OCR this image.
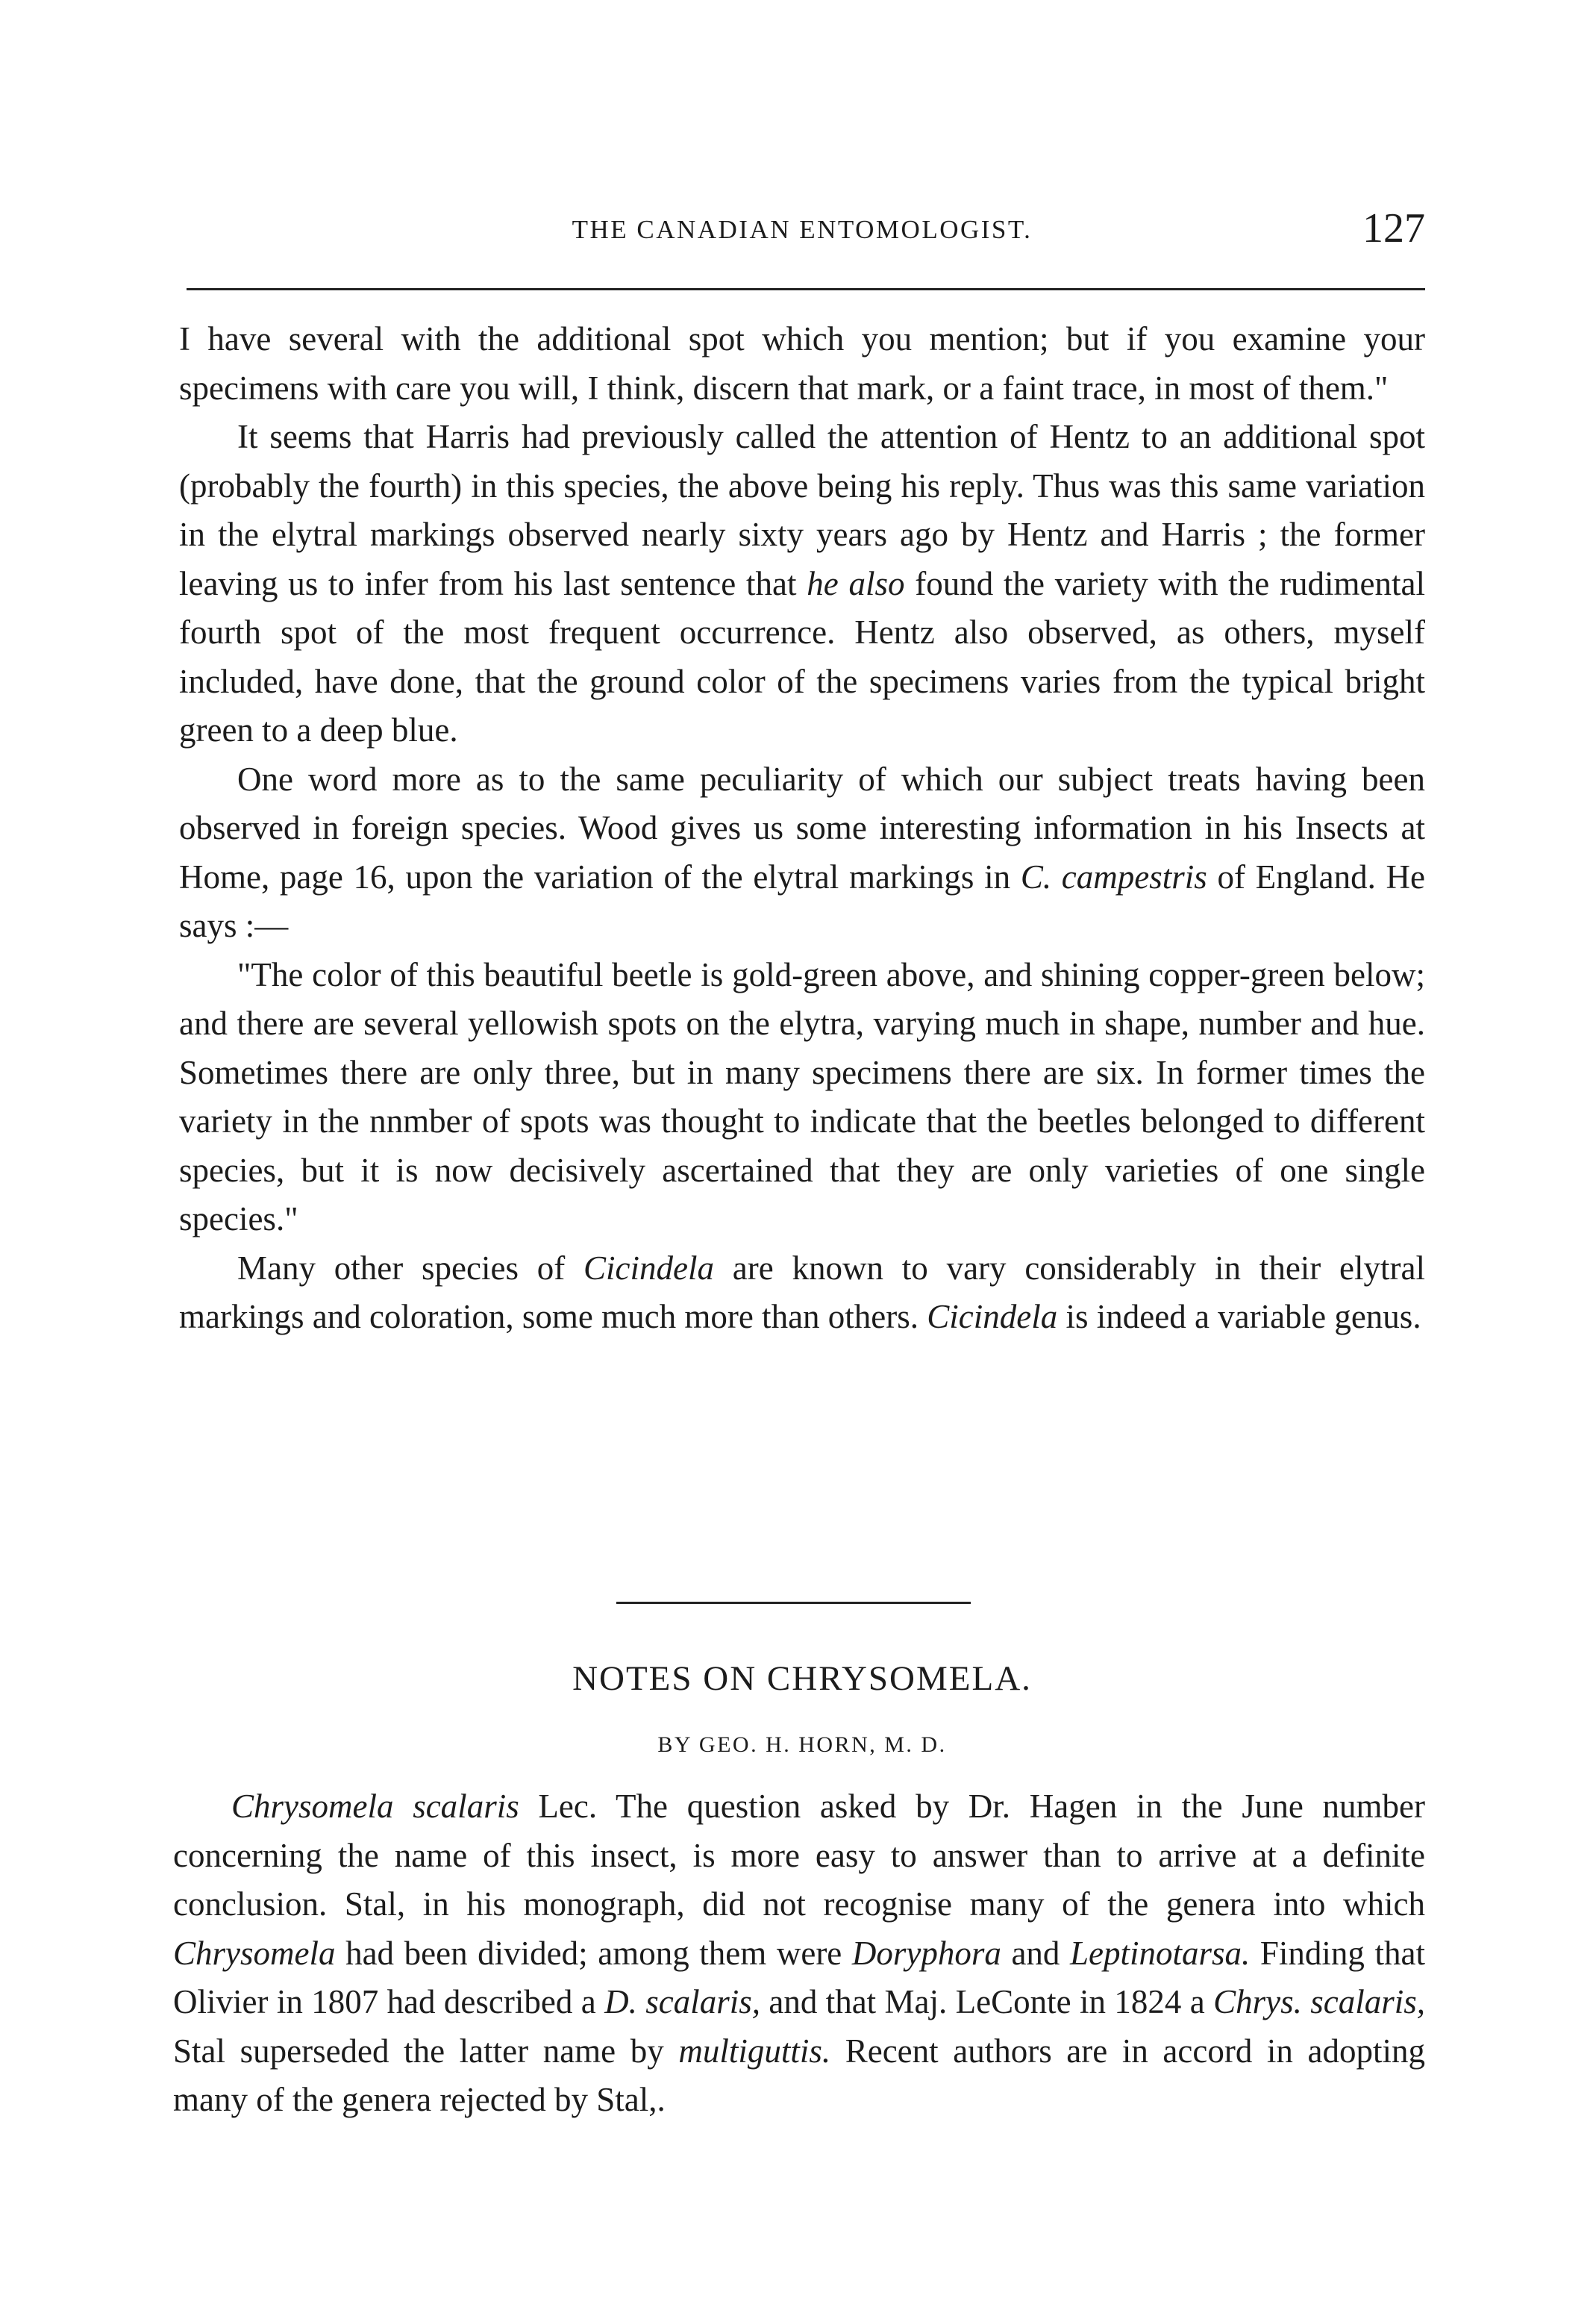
THE CANADIAN ENTOMOLOGIST.	127

I have several with the additional spot which you mention; but if you examine your specimens with care you will, I think, discern that mark, or a faint trace, in most of them."

It seems that Harris had previously called the attention of Hentz to an additional spot (probably the fourth) in this species, the above being his reply. Thus was this same variation in the elytral markings observed nearly sixty years ago by Hentz and Harris ; the former leaving us to infer from his last sentence that he also found the variety with the rudimental fourth spot of the most frequent occurrence. Hentz also observed, as others, myself included, have done, that the ground color of the specimens varies from the typical bright green to a deep blue.

One word more as to the same peculiarity of which our subject treats having been observed in foreign species. Wood gives us some interesting information in his Insects at Home, page 16, upon the variation of the elytral markings in C. campestris of England. He says :—

"The color of this beautiful beetle is gold-green above, and shining copper-green below; and there are several yellowish spots on the elytra, varying much in shape, number and hue. Sometimes there are only three, but in many specimens there are six. In former times the variety in the nnmber of spots was thought to indicate that the beetles belonged to different species, but it is now decisively ascertained that they are only varieties of one single species."

Many other species of Cicindela are known to vary considerably in their elytral markings and coloration, some much more than others. Cicindela is indeed a variable genus.

NOTES ON CHRYSOMELA.
BY GEO. H. HORN, M. D.

Chrysomela scalaris Lec. The question asked by Dr. Hagen in the June number concerning the name of this insect, is more easy to answer than to arrive at a definite conclusion. Stal, in his monograph, did not recognise many of the genera into which Chrysomela had been divided; among them were Doryphora and Leptinotarsa. Finding that Olivier in 1807 had described a D. scalaris, and that Maj. LeConte in 1824 a Chrys. scalaris, Stal superseded the latter name by multiguttis. Recent authors are in accord in adopting many of the genera rejected by Stal,.
